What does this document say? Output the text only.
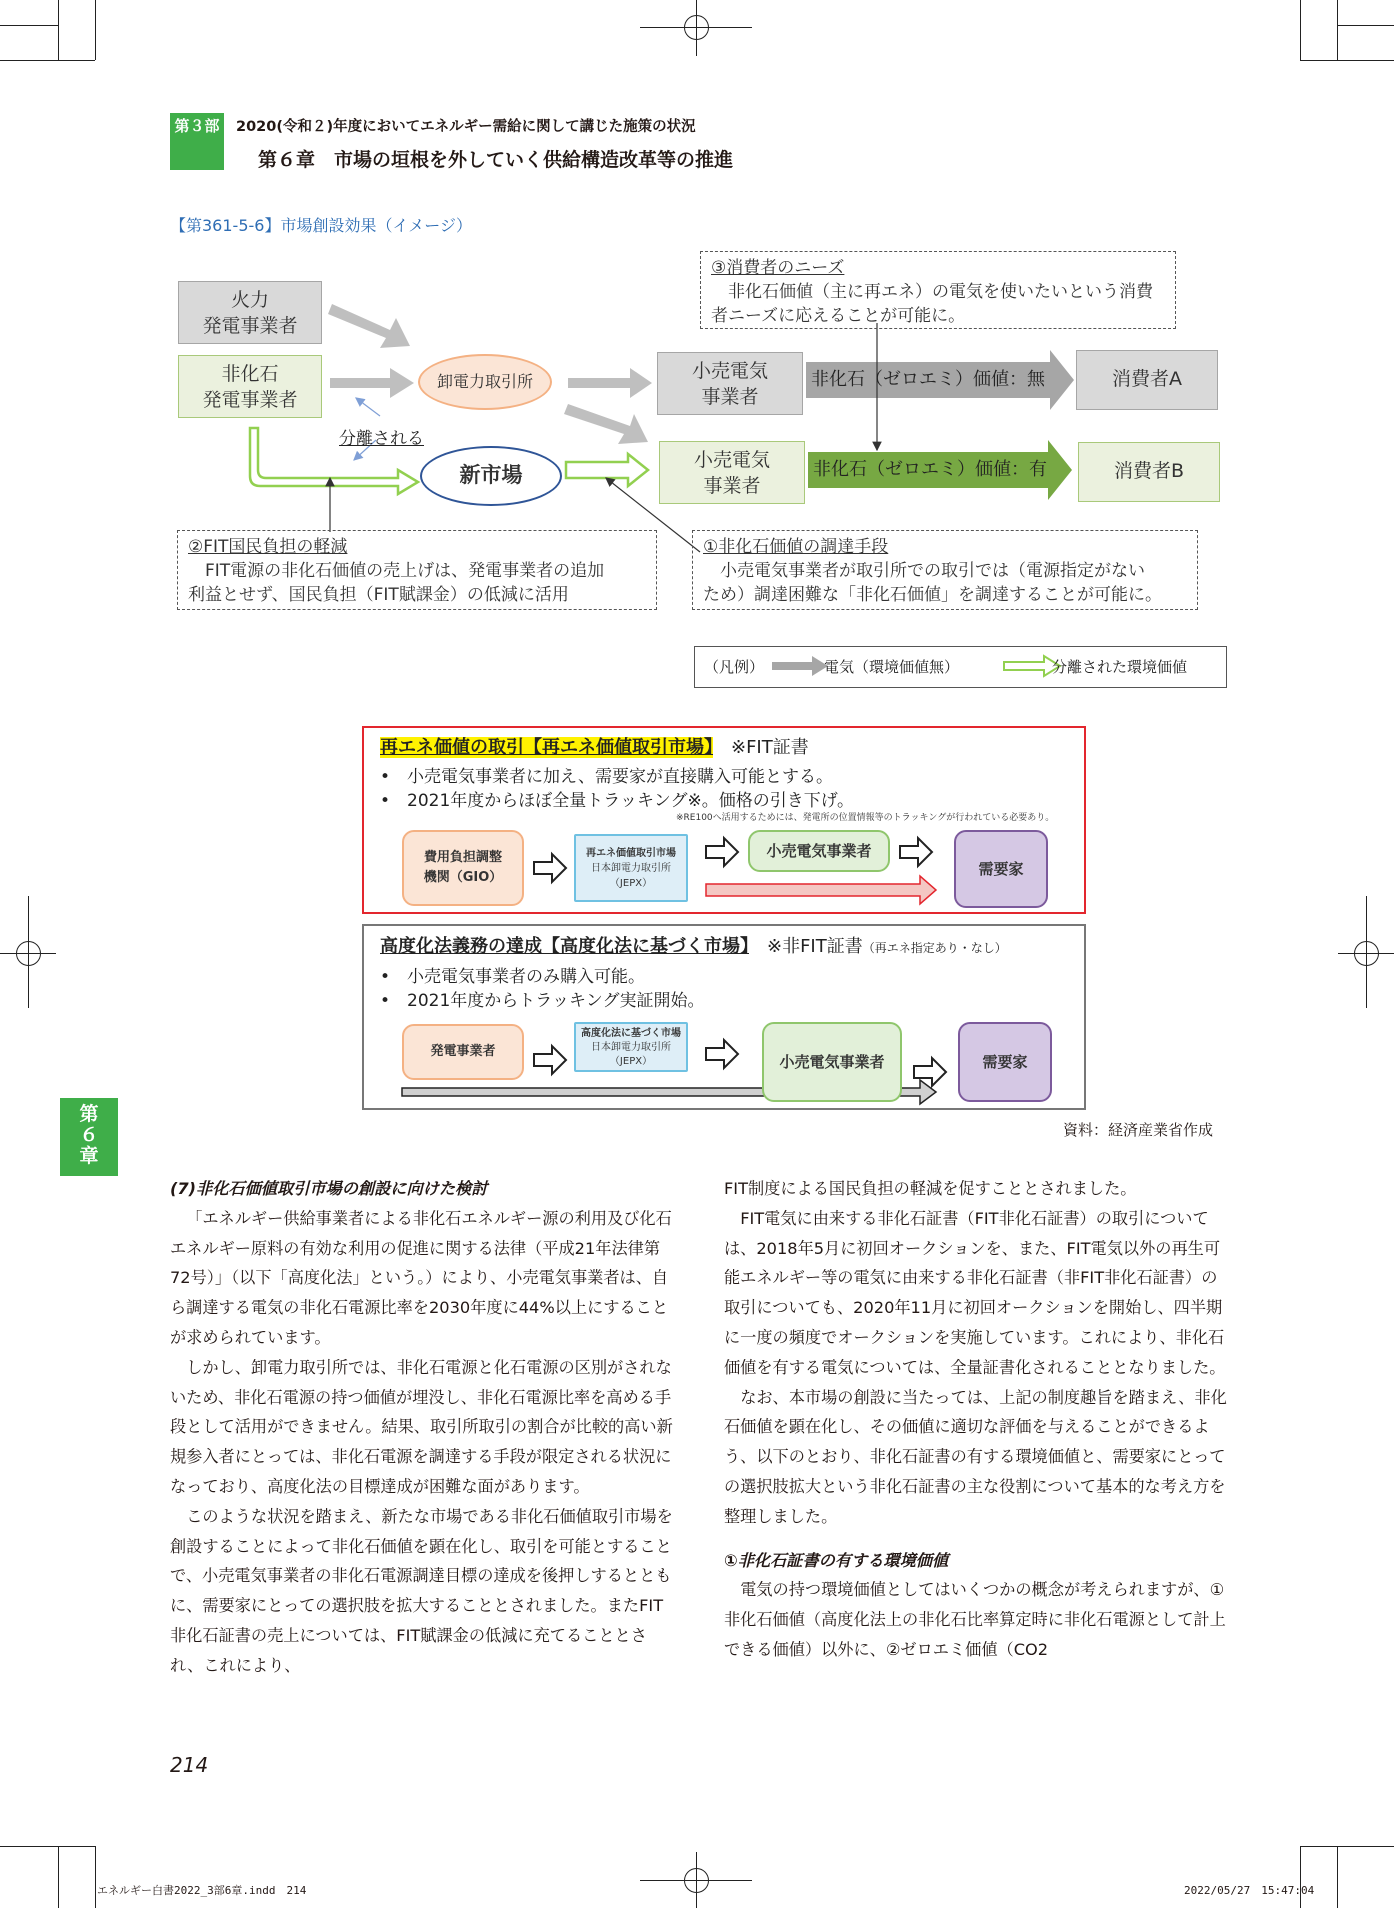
第３部	2020(令和２)年度においてエネルギー需給に関して講じた施策の状況
第６章　市場の垣根を外していく供給構造改革等の推進
【第361-5-6】市場創設効果（イメージ）
火力
発電事業者
非化石
発電事業者
卸電力取引所
分離される
新市場
小売電気
事業者
小売電気
事業者
非化石（ゼロエミ）価値：無
非化石（ゼロエミ）価値：有
消費者A
消費者B
③消費者のニーズ
　非化石価値（主に再エネ）の電気を使いたいという消費
者ニーズに応えることが可能に。
②FIT国民負担の軽減
　FIT電源の非化石価値の売上げは、発電事業者の追加
利益とせず、国民負担（FIT賦課金）の低減に活用
①非化石価値の調達手段
　小売電気事業者が取引所での取引では（電源指定がない
ため）調達困難な「非化石価値」を調達することが可能に。
（凡例）	電気（環境価値無）	分離された環境価値
再エネ価値の取引【再エネ価値取引市場】　 ※FIT証書
•　小売電気事業者に加え、需要家が直接購入可能とする。
•　2021年度からほぼ全量トラッキング※。価格の引き下げ。
※RE100へ活用するためには、発電所の位置情報等のトラッキングが行われている必要あり。
費用負担調整
機関（GIO）
再エネ価値取引市場
日本卸電力取引所
（JEPX）
小売電気事業者
需要家
高度化法義務の達成【高度化法に基づく市場】　 ※非FIT証書（再エネ指定あり・なし）
•　小売電気事業者のみ購入可能。
•　2021年度からトラッキング実証開始。
発電事業者
高度化法に基づく市場
日本卸電力取引所
（JEPX）	小売電気事業者	需要家
資料：経済産業省作成
第
６
章

(7)非化石価値取引市場の創設に向けた検討

「エネルギー供給事業者による非化石エネルギー源の利用及び化石エネルギー原料の有効な利用の促進に関する法律（平成21年法律第72号）」（以下「高度化法」という。）により、小売電気事業者は、自ら調達する電気の非化石電源比率を2030年度に44%以上にすることが求められています。

しかし、卸電力取引所では、非化石電源と化石電源の区別がされないため、非化石電源の持つ価値が埋没し、非化石電源比率を高める手段として活用ができません。結果、取引所取引の割合が比較的高い新規参入者にとっては、非化石電源を調達する手段が限定される状況になっており、高度化法の目標達成が困難な面があります。

このような状況を踏まえ、新たな市場である非化石価値取引市場を創設することによって非化石価値を顕在化し、取引を可能とすることで、小売電気事業者の非化石電源調達目標の達成を後押しするとともに、需要家にとっての選択肢を拡大することとされました。またFIT非化石証書の売上については、FIT賦課金の低減に充てることとされ、これにより、

FIT制度による国民負担の軽減を促すこととされました。

FIT電気に由来する非化石証書（FIT非化石証書）の取引については、2018年5月に初回オークションを、また、FIT電気以外の再生可能エネルギー等の電気に由来する非化石証書（非FIT非化石証書）の取引についても、2020年11月に初回オークションを開始し、四半期に一度の頻度でオークションを実施しています。これにより、非化石価値を有する電気については、全量証書化されることとなりました。

なお、本市場の創設に当たっては、上記の制度趣旨を踏まえ、非化石価値を顕在化し、その価値に適切な評価を与えることができるよう、以下のとおり、非化石証書の有する環境価値と、需要家にとっての選択肢拡大という非化石証書の主な役割について基本的な考え方を整理しました。

①非化石証書の有する環境価値

電気の持つ環境価値としてはいくつかの概念が考えられますが、①非化石価値（高度化法上の非化石比率算定時に非化石電源として計上できる価値）以外に、②ゼロエミ価値（CO2

214
エネルギー白書2022_3部6章.indd　214	2022/05/27　15:47:04
